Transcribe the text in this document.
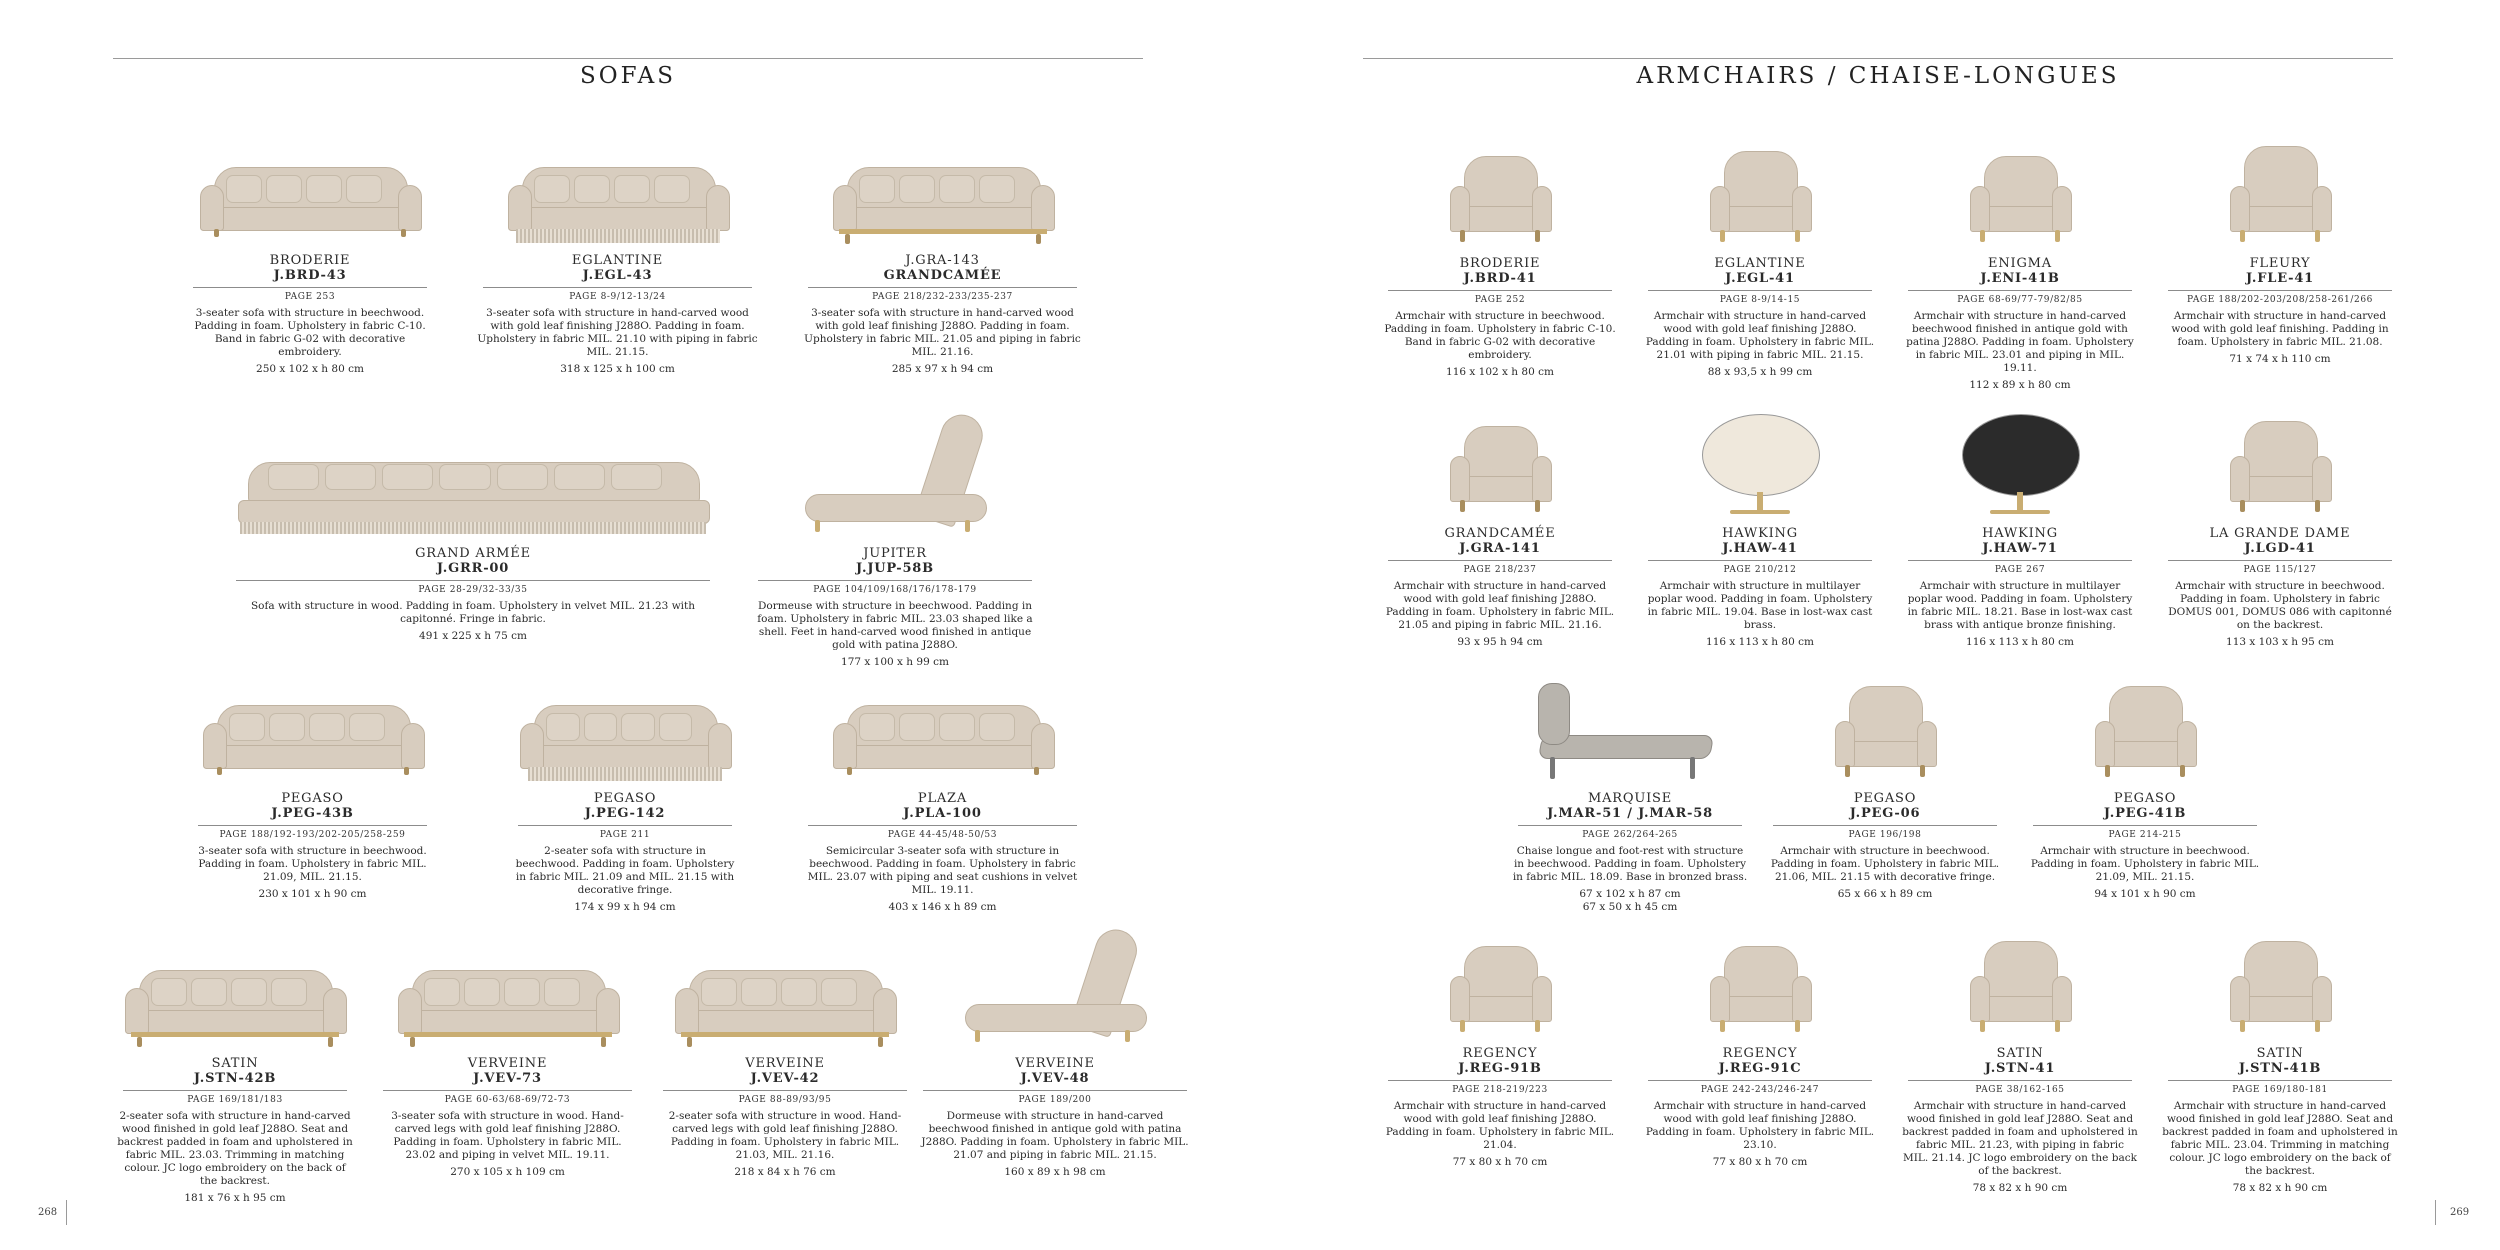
SOFAS
BRODERIE
J.BRD-43
PAGE 253
3-seater sofa with structure in beechwood. Padding in foam. Upholstery in fabric C-10. Band in fabric G-02 with decorative embroidery.
250 x 102 x h 80 cm
EGLANTINE
J.EGL-43
PAGE 8-9/12-13/24
3-seater sofa with structure in hand-carved wood with gold leaf finishing J288O. Padding in foam. Upholstery in fabric MIL. 21.10 with piping in fabric MIL. 21.15.
318 x 125 x h 100 cm
J.GRA-143
GRANDCAMÉE
PAGE 218/232-233/235-237
3-seater sofa with structure in hand-carved wood with gold leaf finishing J288O. Padding in foam. Upholstery in fabric MIL. 21.05 and piping in fabric MIL. 21.16.
285 x 97 x h 94 cm
GRAND ARMÉE
J.GRR-00
PAGE 28-29/32-33/35
Sofa with structure in wood. Padding in foam. Upholstery in velvet MIL. 21.23 with capitonné. Fringe in fabric.
491 x 225 x h 75 cm
JUPITER
J.JUP-58B
PAGE 104/109/168/176/178-179
Dormeuse with structure in beechwood. Padding in foam. Upholstery in fabric MIL. 23.03 shaped like a shell. Feet in hand-carved wood finished in antique gold with patina J288O.
177 x 100 x h 99 cm
PEGASO
J.PEG-43B
PAGE 188/192-193/202-205/258-259
3-seater sofa with structure in beechwood. Padding in foam. Upholstery in fabric MIL. 21.09, MIL. 21.15.
230 x 101 x h 90 cm
PEGASO
J.PEG-142
PAGE 211
2-seater sofa with structure in beechwood. Padding in foam. Upholstery in fabric MIL. 21.09 and MIL. 21.15 with decorative fringe.
174 x 99 x h 94 cm
PLAZA
J.PLA-100
PAGE 44-45/48-50/53
Semicircular 3-seater sofa with structure in beechwood. Padding in foam. Upholstery in fabric MIL. 23.07 with piping and seat cushions in velvet MIL. 19.11.
403 x 146 x h 89 cm
SATIN
J.STN-42B
PAGE 169/181/183
2-seater sofa with structure in hand-carved wood finished in gold leaf J288O. Seat and backrest padded in foam and upholstered in fabric MIL. 23.03. Trimming in matching colour. JC logo embroidery on the back of the backrest.
181 x 76 x h 95 cm
VERVEINE
J.VEV-73
PAGE 60-63/68-69/72-73
3-seater sofa with structure in wood. Hand-carved legs with gold leaf finishing J288O. Padding in foam. Upholstery in fabric MIL. 23.02 and piping in velvet MIL. 19.11.
270 x 105 x h 109 cm
VERVEINE
J.VEV-42
PAGE 88-89/93/95
2-seater sofa with structure in wood. Hand-carved legs with gold leaf finishing J288O. Padding in foam. Upholstery in fabric MIL. 21.03, MIL. 21.16.
218 x 84 x h 76 cm
VERVEINE
J.VEV-48
PAGE 189/200
Dormeuse with structure in hand-carved beechwood finished in antique gold with patina J288O. Padding in foam. Upholstery in fabric MIL. 21.07 and piping in fabric MIL. 21.15.
160 x 89 x h 98 cm
268
ARMCHAIRS / CHAISE-LONGUES
BRODERIE
J.BRD-41
PAGE 252
Armchair with structure in beechwood. Padding in foam. Upholstery in fabric C-10. Band in fabric G-02 with decorative embroidery.
116 x 102 x h 80 cm
EGLANTINE
J.EGL-41
PAGE 8-9/14-15
Armchair with structure in hand-carved wood with gold leaf finishing J288O. Padding in foam. Upholstery in fabric MIL. 21.01 with piping in fabric MIL. 21.15.
88 x 93,5 x h 99 cm
ENIGMA
J.ENI-41B
PAGE 68-69/77-79/82/85
Armchair with structure in hand-carved beechwood finished in antique gold with patina J288O. Padding in foam. Upholstery in fabric MIL. 23.01 and piping in MIL. 19.11.
112 x 89 x h 80 cm
FLEURY
J.FLE-41
PAGE 188/202-203/208/258-261/266
Armchair with structure in hand-carved wood with gold leaf finishing. Padding in foam. Upholstery in fabric MIL. 21.08.
71 x 74 x h 110 cm
GRANDCAMÉE
J.GRA-141
PAGE 218/237
Armchair with structure in hand-carved wood with gold leaf finishing J288O. Padding in foam. Upholstery in fabric MIL. 21.05 and piping in fabric MIL. 21.16.
93 x 95 h 94 cm
HAWKING
J.HAW-41
PAGE 210/212
Armchair with structure in multilayer poplar wood. Padding in foam. Upholstery in fabric MIL. 19.04. Base in lost-wax cast brass.
116 x 113 x h 80 cm
HAWKING
J.HAW-71
PAGE 267
Armchair with structure in multilayer poplar wood. Padding in foam. Upholstery in fabric MIL. 18.21. Base in lost-wax cast brass with antique bronze finishing.
116 x 113 x h 80 cm
LA GRANDE DAME
J.LGD-41
PAGE 115/127
Armchair with structure in beechwood. Padding in foam. Upholstery in fabric DOMUS 001, DOMUS 086 with capitonné on the backrest.
113 x 103 x h 95 cm
MARQUISE
J.MAR-51 / J.MAR-58
PAGE 262/264-265
Chaise longue and foot-rest with structure in beechwood. Padding in foam. Upholstery in fabric MIL. 18.09. Base in bronzed brass.
67 x 102 x h 87 cm
67 x 50 x h 45 cm
PEGASO
J.PEG-06
PAGE 196/198
Armchair with structure in beechwood. Padding in foam. Upholstery in fabric MIL. 21.06, MIL. 21.15 with decorative fringe.
65 x 66 x h 89 cm
PEGASO
J.PEG-41B
PAGE 214-215
Armchair with structure in beechwood. Padding in foam. Upholstery in fabric MIL. 21.09, MIL. 21.15.
94 x 101 x h 90 cm
REGENCY
J.REG-91B
PAGE 218-219/223
Armchair with structure in hand-carved wood with gold leaf finishing J288O. Padding in foam. Upholstery in fabric MIL. 21.04.
77 x 80 x h 70 cm
REGENCY
J.REG-91C
PAGE 242-243/246-247
Armchair with structure in hand-carved wood with gold leaf finishing J288O. Padding in foam. Upholstery in fabric MIL. 23.10.
77 x 80 x h 70 cm
SATIN
J.STN-41
PAGE 38/162-165
Armchair with structure in hand-carved wood finished in gold leaf J288O. Seat and backrest padded in foam and upholstered in fabric MIL. 21.23, with piping in fabric MIL. 21.14. JC logo embroidery on the back of the backrest.
78 x 82 x h 90 cm
SATIN
J.STN-41B
PAGE 169/180-181
Armchair with structure in hand-carved wood finished in gold leaf J288O. Seat and backrest padded in foam and upholstered in fabric MIL. 23.04. Trimming in matching colour. JC logo embroidery on the back of the backrest.
78 x 82 x h 90 cm
269
